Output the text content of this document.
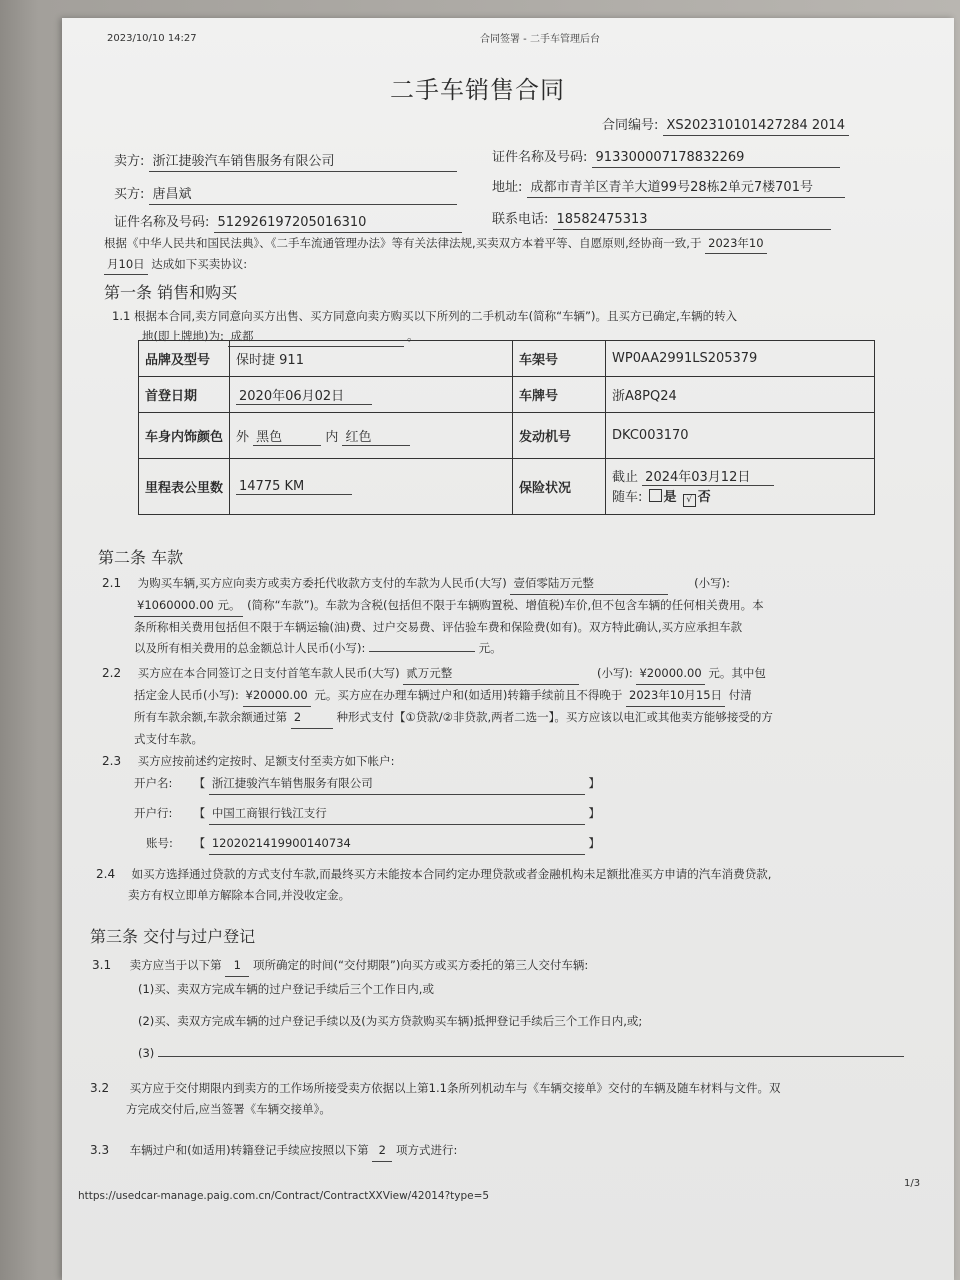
2023/10/10 14:27	合同签署 - 二手车管理后台
二手车销售合同
合同编号: XS202310101427284 2014
卖方: 浙江捷骏汽车销售服务有限公司	证件名称及号码: 913300007178832269
买方: 唐昌斌	地址: 成都市青羊区青羊大道99号28栋2单元7楼701号
证件名称及号码: 512926197205016310	联系电话: 18582475313
根据《中华人民共和国民法典》、《二手车流通管理办法》等有关法律法规,买卖双方本着平等、自愿原则,经协商一致,于 2023年10
月10日 达成如下买卖协议:
第一条 销售和购买
1.1 根据本合同,卖方同意向买方出售、买方同意向卖方购买以下所列的二手机动车(简称“车辆”)。且买方已确定,车辆的转入
地(即上牌地)为: 成都	。
品牌及型号	保时捷 911	车架号	WP0AA2991LS205379
首登日期	2020年06月02日	车牌号	浙A8PQ24
车身内饰颜色	外 黑色 内 红色	发动机号	DKC003170
里程表公里数	14775 KM	保险状况	截止 2024年03月12日
随车: 是 √ 否
第二条 车款
2.1 为购买车辆,买方应向卖方或卖方委托代收款方支付的车款为人民币(大写) 壹佰零陆万元整	(小写):
¥1060000.00 元。 (简称“车款”)。车款为含税(包括但不限于车辆购置税、增值税)车价,但不包含车辆的任何相关费用。本
条所称相关费用包括但不限于车辆运输(油)费、过户交易费、评估验车费和保险费(如有)。双方特此确认,买方应承担车款
以及所有相关费用的总金额总计人民币(小写):	元。
2.2 买方应在本合同签订之日支付首笔车款人民币(大写) 贰万元整	(小写): ¥20000.00 元。其中包
括定金人民币(小写): ¥20000.00 元。买方应在办理车辆过户和(如适用)转籍手续前且不得晚于 2023年10月15日 付清
所有车款余额,车款余额通过第 2	种形式支付【①贷款/②非贷款,两者二选一】。买方应该以电汇或其他卖方能够接受的方
式支付车款。
2.3 买方应按前述约定按时、足额支付至卖方如下帐户:
开户名: 【 浙江捷骏汽车销售服务有限公司	】
开户行: 【 中国工商银行钱江支行	】
账号: 【 1202021419900140734	】
2.4 如买方选择通过贷款的方式支付车款,而最终买方未能按本合同约定办理贷款或者金融机构未足额批准买方申请的汽车消费贷款,
卖方有权立即单方解除本合同,并没收定金。
第三条 交付与过户登记
3.1 卖方应当于以下第 1 项所确定的时间(“交付期限”)向买方或买方委托的第三人交付车辆:
(1)买、卖双方完成车辆的过户登记手续后三个工作日内,或
(2)买、卖双方完成车辆的过户登记手续以及(为买方贷款购买车辆)抵押登记手续后三个工作日内,或;
(3)
3.2 买方应于交付期限内到卖方的工作场所接受卖方依据以上第1.1条所列机动车与《车辆交接单》交付的车辆及随车材料与文件。双
方完成交付后,应当签署《车辆交接单》。
3.3 车辆过户和(如适用)转籍登记手续应按照以下第 2 项方式进行:
https://usedcar-manage.paig.com.cn/Contract/ContractXXView/42014?type=5
1/3
